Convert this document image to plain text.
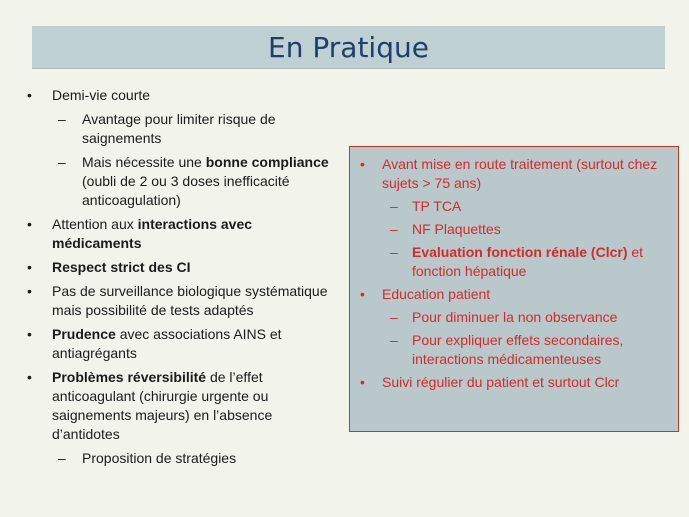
En Pratique
• Demi-vie courte
– Avantage pour limiter risque de saignements
– Mais nécessite une bonne compliance (oubli de 2 ou 3 doses inefficacité anticoagulation)
• Attention aux interactions avec médicaments
• Respect strict des CI
• Pas de surveillance biologique systématique mais possibilité de tests adaptés
• Prudence avec associations AINS et antiagrégants
• Problèmes réversibilité de l’effet anticoagulant (chirurgie urgente ou saignements majeurs) en l’absence d’antidotes
– Proposition de stratégies
• Avant mise en route traitement (surtout chez sujets > 75 ans)
– TP TCA
– NF Plaquettes
– Evaluation fonction rénale (Clcr) et fonction hépatique
• Education patient
– Pour diminuer la non observance
– Pour expliquer effets secondaires, interactions médicamenteuses
• Suivi régulier du patient et surtout Clcr
